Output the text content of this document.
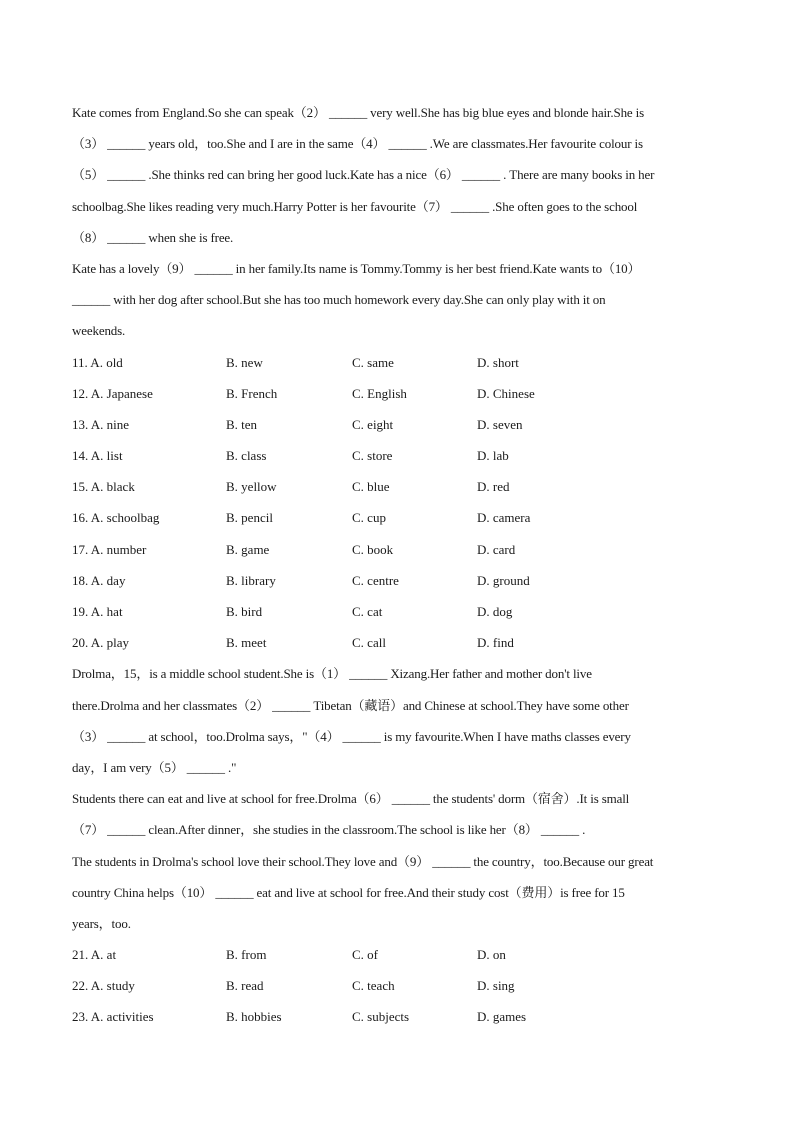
Kate comes from England.So she can speak（2） ______ very well.She has big blue eyes and blonde hair.She is
（3） ______ years old，too.She and I are in the same（4） ______ .We are classmates.Her favourite colour is
（5） ______ .She thinks red can bring her good luck.Kate has a nice（6） ______ . There are many books in her
schoolbag.She likes reading very much.Harry Potter is her favourite（7） ______ .She often goes to the school
（8） ______ when she is free.
Kate has a lovely（9） ______ in her family.Its name is Tommy.Tommy is her best friend.Kate wants to（10）
______ with her dog after school.But she has too much homework every day.She can only play with it on
weekends.
11. A. old	B. new	C. same	D. short
12. A. Japanese	B. French	C. English	D. Chinese
13. A. nine	B. ten	C. eight	D. seven
14. A. list	B. class	C. store	D. lab
15. A. black	B. yellow	C. blue	D. red
16. A. schoolbag	B. pencil	C. cup	D. camera
17. A. number	B. game	C. book	D. card
18. A. day	B. library	C. centre	D. ground
19. A. hat	B. bird	C. cat	D. dog
20. A. play	B. meet	C. call	D. find
Drolma，15，is a middle school student.She is（1） ______ Xizang.Her father and mother don't live
there.Drolma and her classmates（2） ______ Tibetan（藏语）and Chinese at school.They have some other
（3） ______ at school，too.Drolma says，"（4） ______ is my favourite.When I have maths classes every
day，I am very（5） ______ ."
Students there can eat and live at school for free.Drolma（6） ______ the students' dorm（宿舍）.It is small
（7） ______ clean.After dinner，she studies in the classroom.The school is like her（8） ______ .
The students in Drolma's school love their school.They love and（9） ______ the country，too.Because our great
country China helps（10） ______ eat and live at school for free.And their study cost（费用）is free for 15
years，too.
21. A. at	B. from	C. of	D. on
22. A. study	B. read	C. teach	D. sing
23. A. activities	B. hobbies	C. subjects	D. games
